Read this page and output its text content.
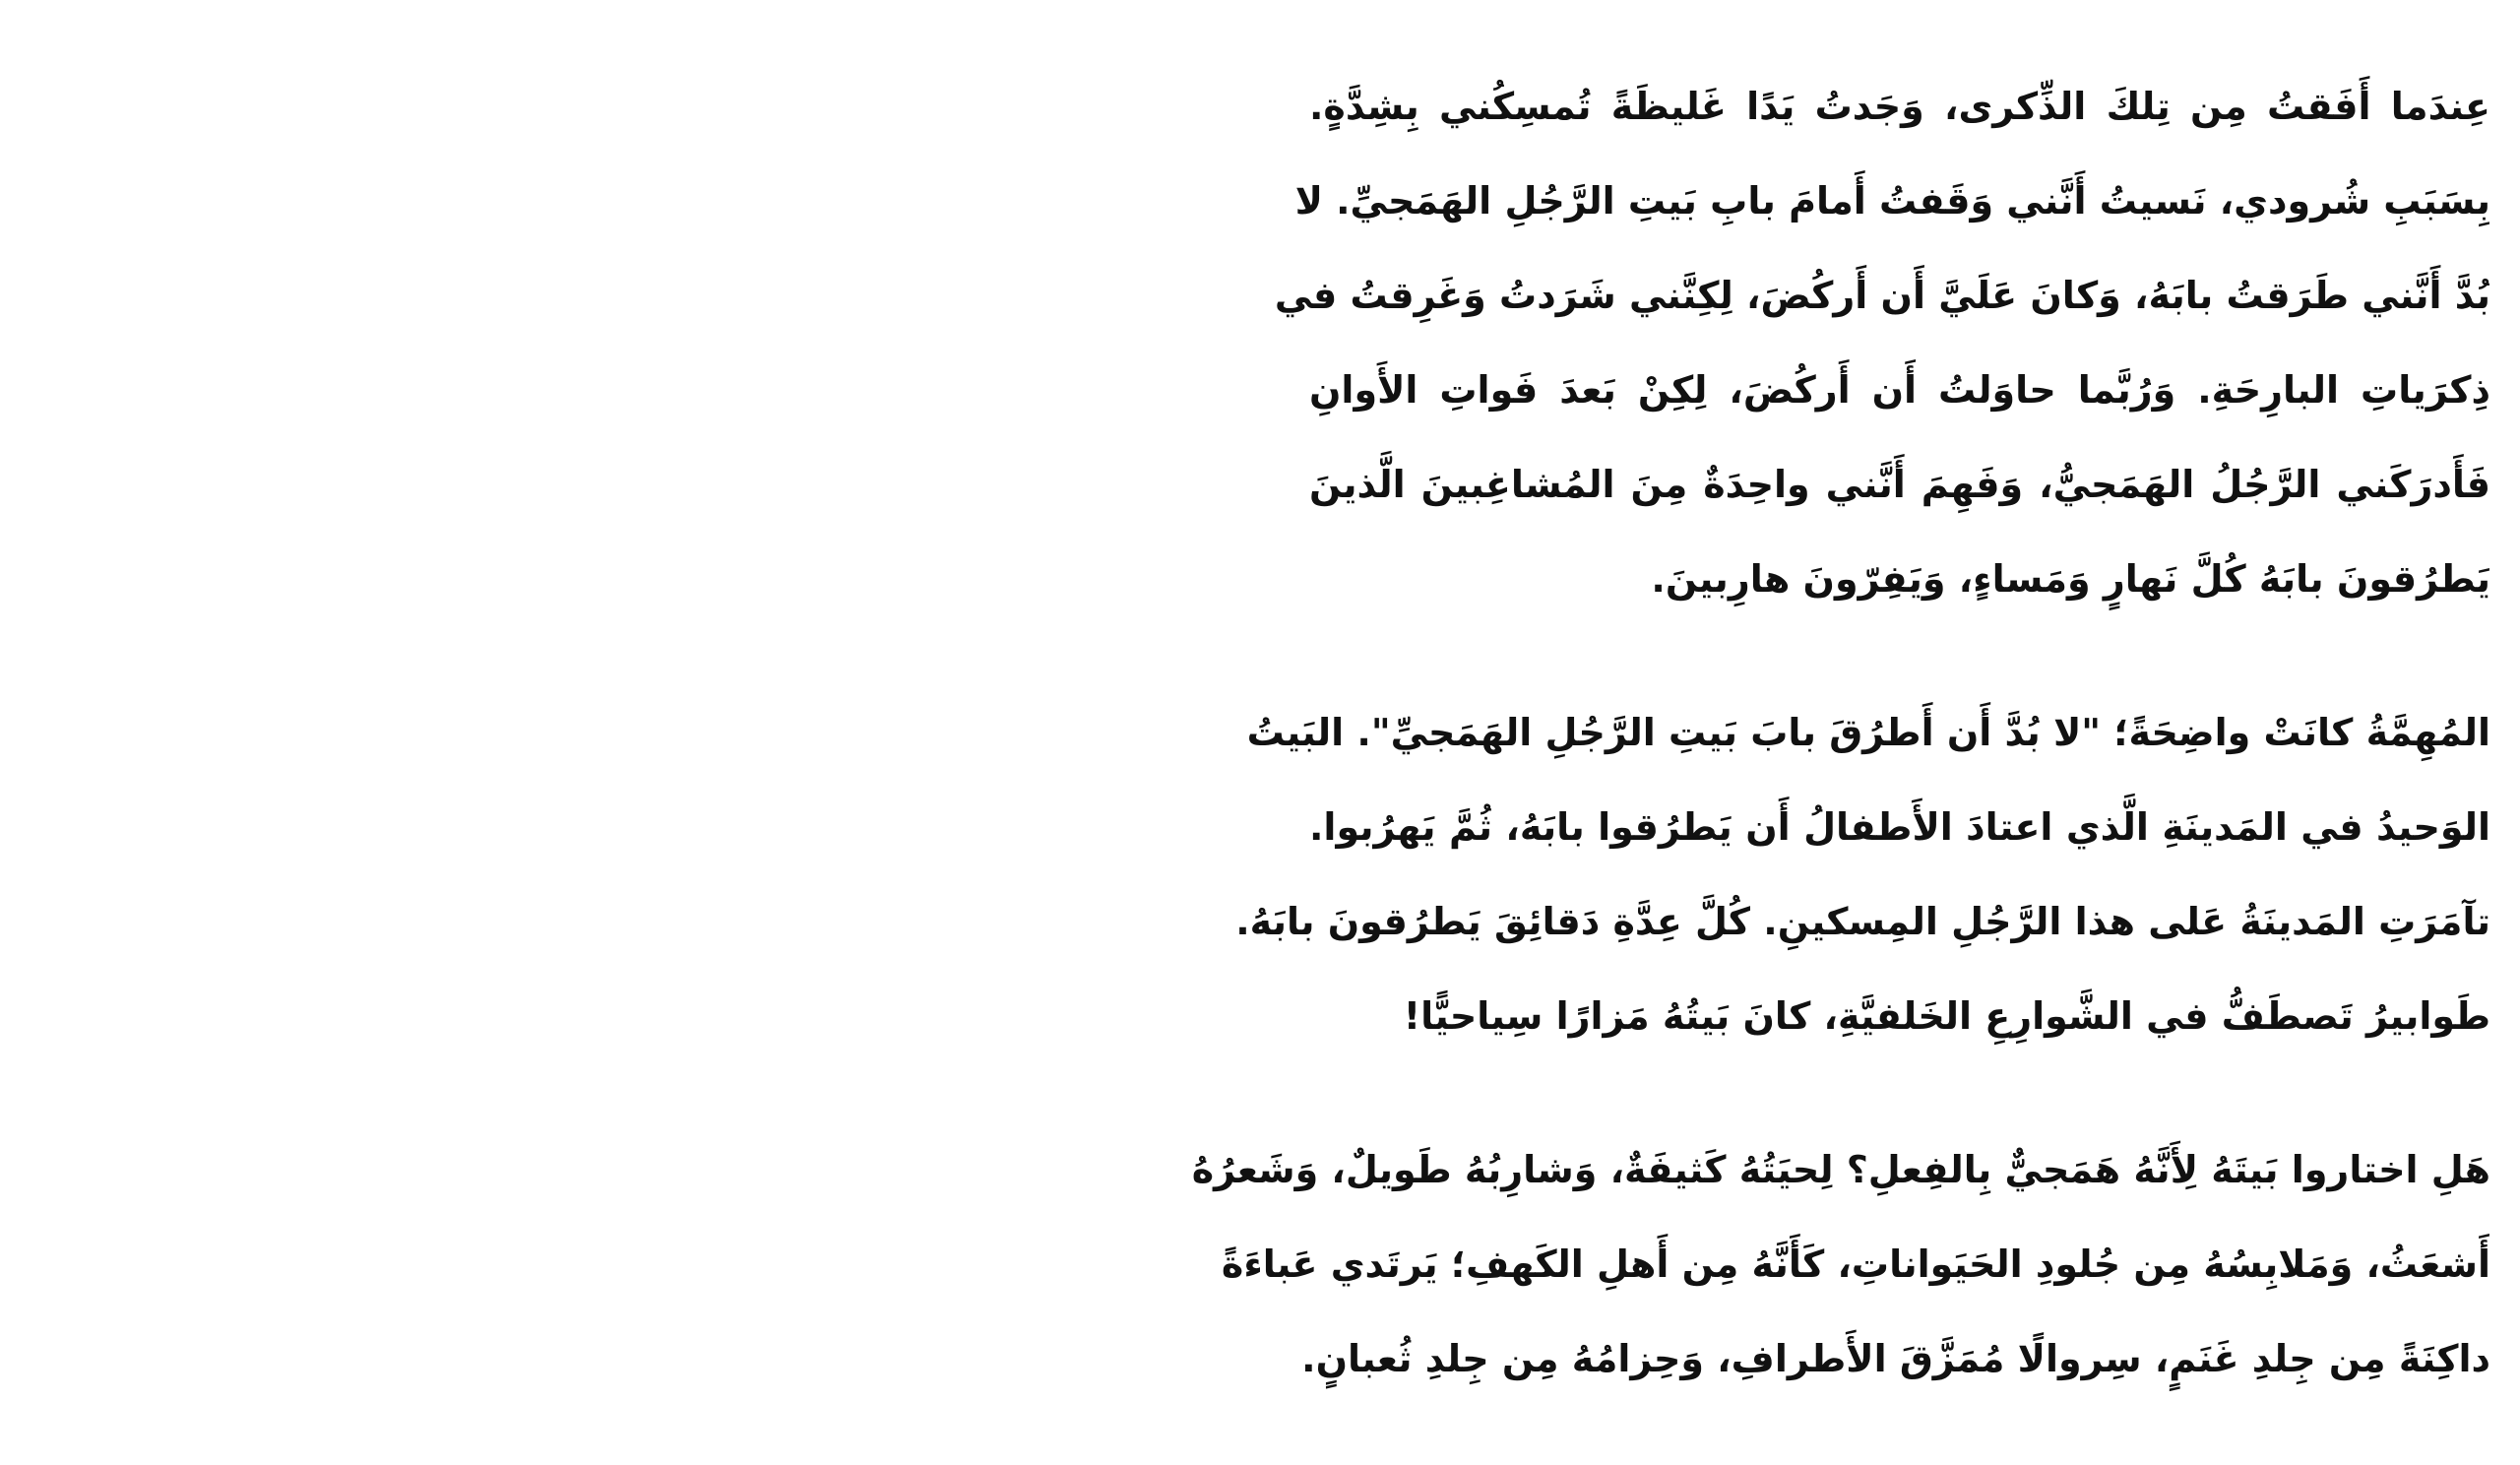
عِندَما أَفَقتُ مِن تِلكَ الذِّكرى، وَجَدتُ يَدًا غَليظَةً تُمسِكُني بِشِدَّةٍ.
بِسَبَبِ شُرودي، نَسيتُ أَنَّني وَقَفتُ أَمامَ بابِ بَيتِ الرَّجُلِ الهَمَجيِّ. لا
بُدَّ أَنَّني طَرَقتُ بابَهُ، وَكانَ عَلَيَّ أَن أَركُضَ، لِكِنَّني شَرَدتُ وَغَرِقتُ في
ذِكرَياتِ البارِحَةِ. وَرُبَّما حاوَلتُ أَن أَركُضَ، لِكِنْ بَعدَ فَواتِ الأَوانِ
فَأَدرَكَني الرَّجُلُ الهَمَجيُّ، وَفَهِمَ أَنَّني واحِدَةٌ مِنَ المُشاغِبينَ الَّذينَ
يَطرُقونَ بابَهُ كُلَّ نَهارٍ وَمَساءٍ، وَيَفِرّونَ هارِبينَ.
المُهِمَّةُ كانَتْ واضِحَةً؛ "لا بُدَّ أَن أَطرُقَ بابَ بَيتِ الرَّجُلِ الهَمَجيِّ". البَيتُ
الوَحيدُ في المَدينَةِ الَّذي اعتادَ الأَطفالُ أَن يَطرُقوا بابَهُ، ثُمَّ يَهرُبوا.
تآمَرَتِ المَدينَةُ عَلى هذا الرَّجُلِ المِسكينِ. كُلَّ عِدَّةِ دَقائِقَ يَطرُقونَ بابَهُ.
طَوابيرُ تَصطَفُّ في الشَّوارِعِ الخَلفيَّةِ، كانَ بَيتُهُ مَزارًا سِياحيًّا!
هَلِ اختاروا بَيتَهُ لِأَنَّهُ هَمَجيٌّ بِالفِعلِ؟ لِحيَتُهُ كَثيفَةٌ، وَشارِبُهُ طَويلٌ، وَشَعرُهُ
أَشعَثُ، وَمَلابِسُهُ مِن جُلودِ الحَيَواناتِ، كَأَنَّهُ مِن أَهلِ الكَهفِ؛ يَرتَدي عَباءَةً
داكِنَةً مِن جِلدِ غَنَمٍ، سِروالًا مُمَزَّقَ الأَطرافِ، وَحِزامُهُ مِن جِلدِ ثُعبانٍ.
